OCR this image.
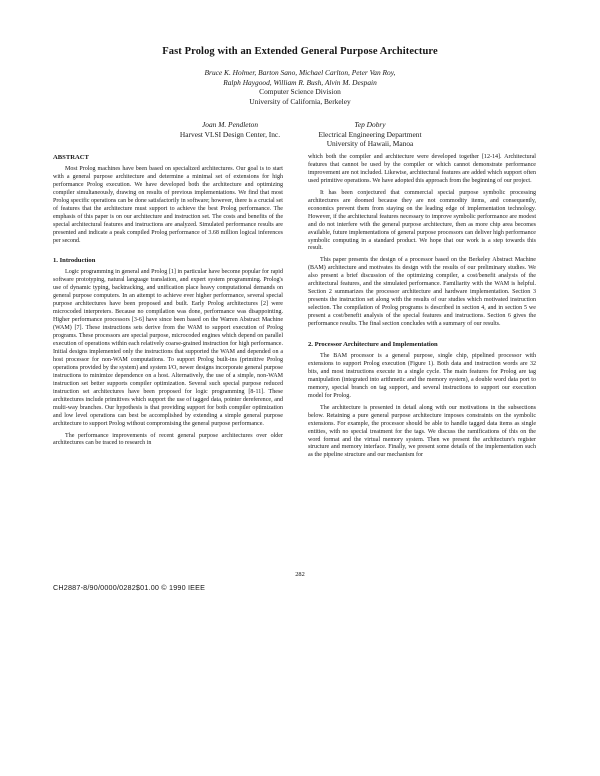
Fast Prolog with an Extended General Purpose Architecture
Bruce K. Holmer, Barton Sano, Michael Carlton, Peter Van Roy,
Ralph Haygood, William R. Bush, Alvin M. Despain
Computer Science Division
University of California, Berkeley
Joan M. Pendleton
Harvest VLSI Design Center, Inc.
Tep Dobry
Electrical Engineering Department
University of Hawaii, Manoa
ABSTRACT

Most Prolog machines have been based on specialized architectures. Our goal is to start with a general purpose architecture and determine a minimal set of extensions for high performance Prolog execution. We have developed both the architecture and optimizing compiler simultaneously, drawing on results of previous implementations. We find that most Prolog specific operations can be done satisfactorily in software; however, there is a crucial set of features that the architecture must support to achieve the best Prolog performance. The emphasis of this paper is on our architecture and instruction set. The costs and benefits of the special architectural features and instructions are analyzed. Simulated performance results are presented and indicate a peak compiled Prolog performance of 3.68 million logical inferences per second.

1. Introduction

Logic programming in general and Prolog [1] in particular have become popular for rapid software prototyping, natural language translation, and expert system programming. Prolog's use of dynamic typing, backtracking, and unification place heavy computational demands on general purpose computers. In an attempt to achieve ever higher performance, several special purpose architectures have been proposed and built. Early Prolog architectures [2] were microcoded interpreters. Because no compilation was done, performance was disappointing. Higher performance processors [3-6] have since been based on the Warren Abstract Machine (WAM) [7]. These instructions sets derive from the WAM to support execution of Prolog programs. These processors are special purpose, microcoded engines which depend on parallel execution of operations within each relatively coarse-grained instruction for high performance. Initial designs implemented only the instructions that supported the WAM and depended on a host processor for non-WAM computations. To support Prolog built-ins (primitive Prolog operations provided by the system) and system I/O, newer designs incorporate general purpose instructions to minimize dependence on a host. Alternatively, the use of a simple, non-WAM instruction set better supports compiler optimization. Several such special purpose reduced instruction set architectures have been proposed for logic programming [8-11]. These architectures include primitives which support the use of tagged data, pointer dereference, and multi-way branches. Our hypothesis is that providing support for both compiler optimization and low level operations can best be accomplished by extending a simple general purpose architecture to support Prolog without compromising the general purpose performance.

The performance improvements of recent general purpose architectures over older architectures can be traced to research in

which both the compiler and architecture were developed together [12-14]. Architectural features that cannot be used by the compiler or which cannot demonstrate performance improvement are not included. Likewise, architectural features are added which support often used primitive operations. We have adopted this approach from the beginning of our project.

It has been conjectured that commercial special purpose symbolic processing architectures are doomed because they are not commodity items, and consequently, economics prevent them from staying on the leading edge of implementation technology. However, if the architectural features necessary to improve symbolic performance are modest and do not interfere with the general purpose architecture, then as more chip area becomes available, future implementations of general purpose processors can deliver high performance symbolic computing in a standard product. We hope that our work is a step towards this result.

This paper presents the design of a processor based on the Berkeley Abstract Machine (BAM) architecture and motivates its design with the results of our preliminary studies. We also present a brief discussion of the optimizing compiler, a cost/benefit analysis of the architectural features, and the simulated performance. Familiarity with the WAM is helpful. Section 2 summarizes the processor architecture and hardware implementation. Section 3 presents the instruction set along with the results of our studies which motivated instruction selection. The compilation of Prolog programs is described in section 4, and in section 5 we present a cost/benefit analysis of the special features and instructions. Section 6 gives the performance results. The final section concludes with a summary of our results.

2. Processor Architecture and Implementation

The BAM processor is a general purpose, single chip, pipelined processor with extensions to support Prolog execution (Figure 1). Both data and instruction words are 32 bits, and most instructions execute in a single cycle. The main features for Prolog are tag manipulation (integrated into arithmetic and the memory system), a double word data port to memory, special branch on tag support, and several instructions to support our execution model for Prolog.

The architecture is presented in detail along with our motivations in the subsections below. Retaining a pure general purpose architecture imposes constraints on the symbolic extensions. For example, the processor should be able to handle tagged data items as single entities, with no special treatment for the tags. We discuss the ramifications of this on the word format and the virtual memory system. Then we present the architecture's register structure and memory interface. Finally, we present some details of the implementation such as the pipeline structure and our mechanism for

282
CH2887-8/90/0000/0282$01.00 © 1990 IEEE
